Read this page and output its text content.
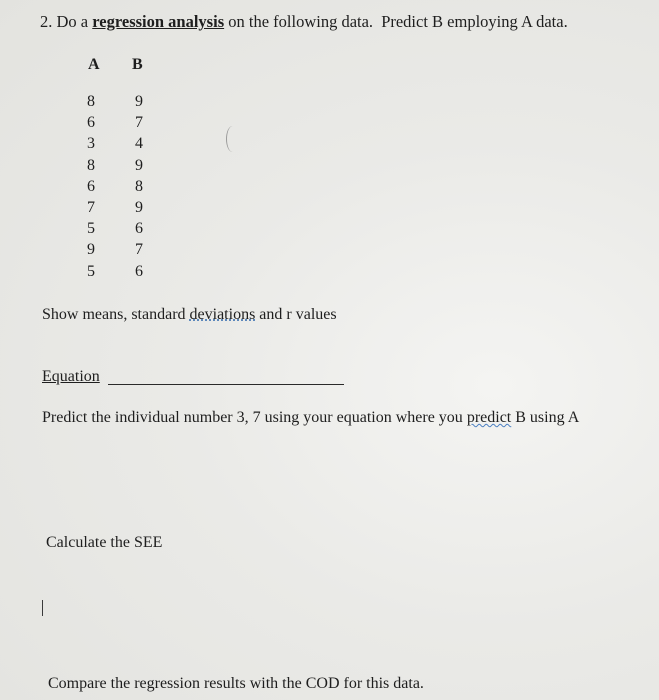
2. Do a regression analysis on the following data. Predict B employing A data.
A B
8	9
6	7
3	4
8	9
6	8
7	9
5	6
9	7
5	6
Show means, standard deviations and r values
Equation
Predict the individual number 3, 7 using your equation where you predict B using A
Calculate the SEE
Compare the regression results with the COD for this data.
